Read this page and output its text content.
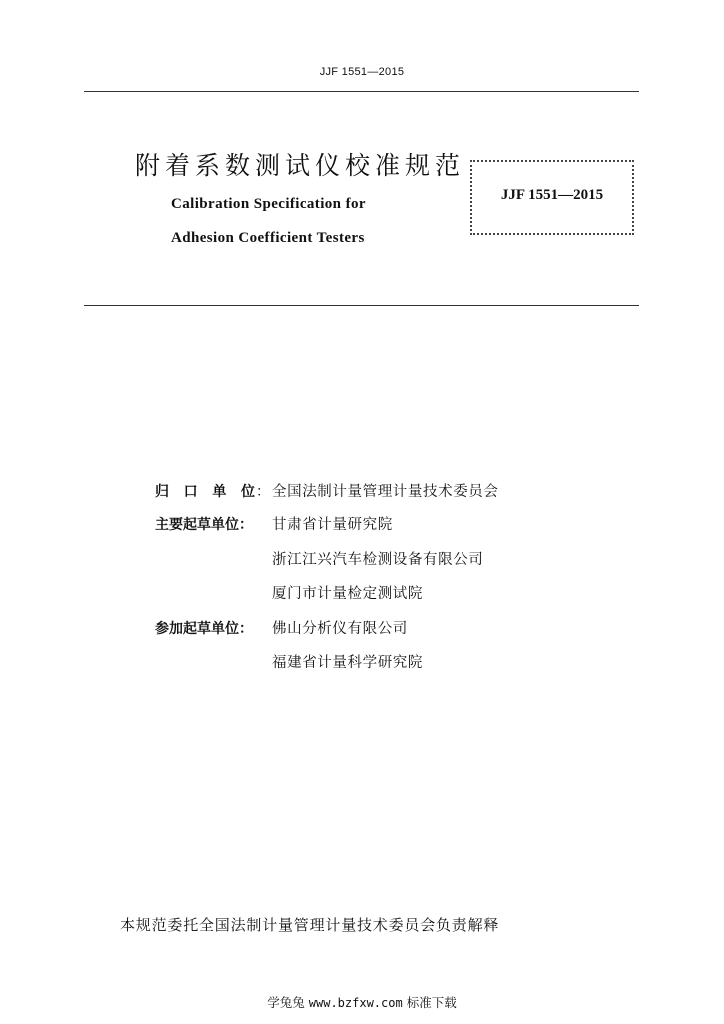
JJF 1551—2015
附着系数测试仪校准规范
Calibration Specification for
Adhesion Coefficient Testers
JJF 1551—2015
归 口 单 位 ： 全国法制计量管理计量技术委员会
主要起草单位： 甘肃省计量研究院
浙江江兴汽车检测设备有限公司
厦门市计量检定测试院
参加起草单位： 佛山分析仪有限公司
福建省计量科学研究院
本规范委托全国法制计量管理计量技术委员会负责解释
学兔兔 www.bzfxw.com 标准下载
